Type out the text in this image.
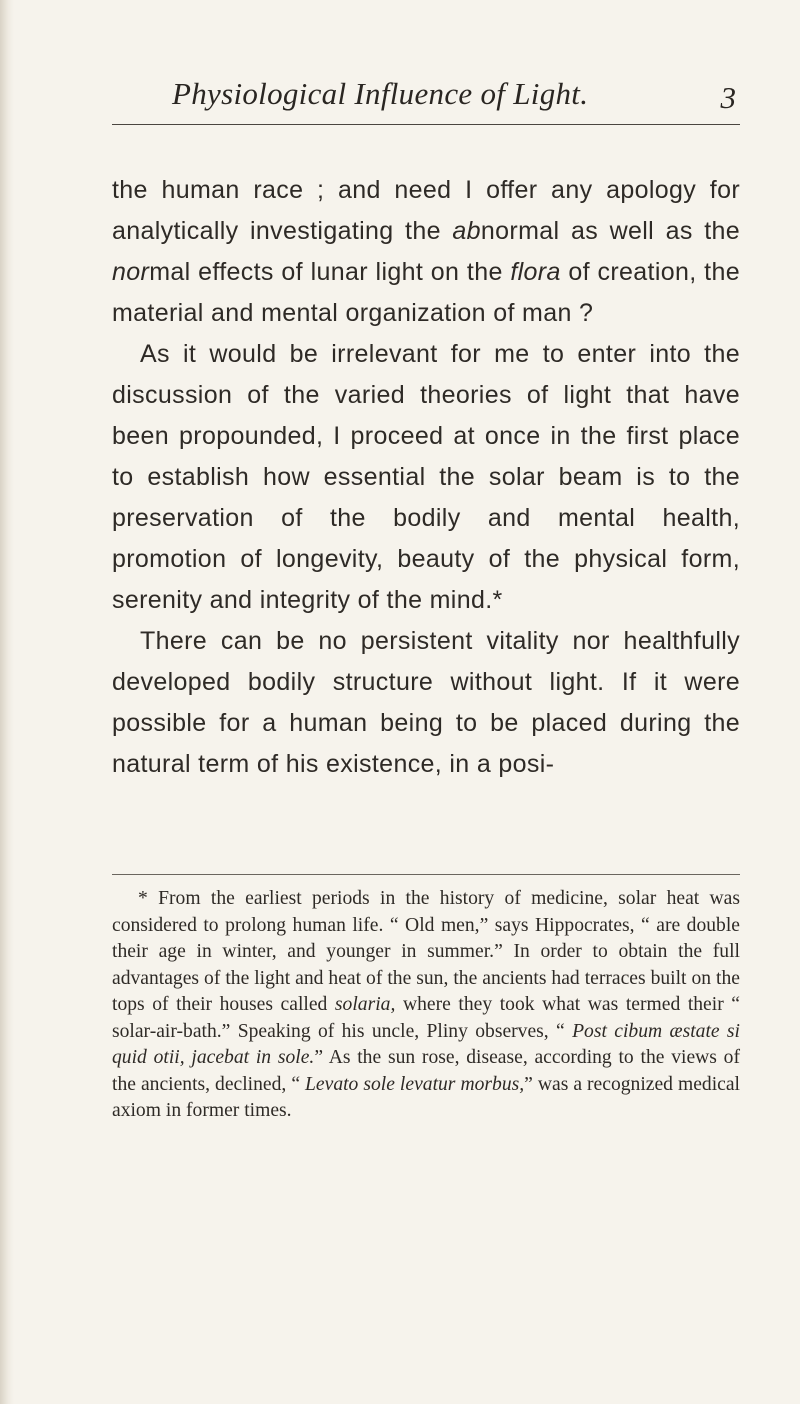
Physiological Influence of Light.	3

the human race ; and need I offer any apology for analytically investigating the abnormal as well as the normal effects of lunar light on the flora of creation, the material and mental organization of man ?

As it would be irrelevant for me to enter into the discussion of the varied theories of light that have been propounded, I proceed at once in the first place to establish how essential the solar beam is to the preservation of the bodily and mental health, promotion of longevity, beauty of the physical form, serenity and integrity of the mind.*

There can be no persistent vitality nor healthfully developed bodily structure without light. If it were possible for a human being to be placed during the natural term of his existence, in a posi-

* From the earliest periods in the history of medicine, solar heat was considered to prolong human life. “ Old men,” says Hippocrates, “ are double their age in winter, and younger in summer.” In order to obtain the full advantages of the light and heat of the sun, the ancients had terraces built on the tops of their houses called solaria, where they took what was termed their “ solar-air-bath.” Speaking of his uncle, Pliny observes, “ Post cibum æstate si quid otii, jacebat in sole.” As the sun rose, disease, according to the views of the ancients, declined, “ Levato sole levatur morbus,” was a recognized medical axiom in former times.
